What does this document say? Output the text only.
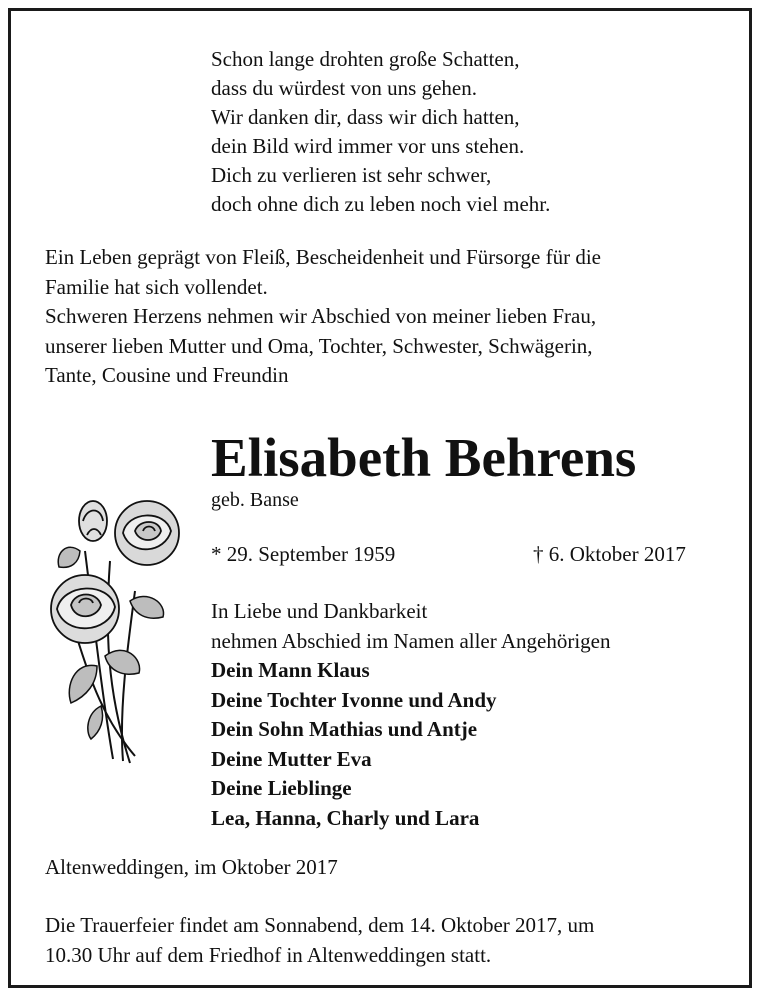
Schon lange drohten große Schatten,
dass du würdest von uns gehen.
Wir danken dir, dass wir dich hatten,
dein Bild wird immer vor uns stehen.
Dich zu verlieren ist sehr schwer,
doch ohne dich zu leben noch viel mehr.
Ein Leben geprägt von Fleiß, Bescheidenheit und Fürsorge für die
Familie hat sich vollendet.
Schweren Herzens nehmen wir Abschied von meiner lieben Frau,
unserer lieben Mutter und Oma, Tochter, Schwester, Schwägerin,
Tante, Cousine und Freundin
Elisabeth Behrens
geb. Banse
* 29. September 1959	† 6. Oktober 2017
In Liebe und Dankbarkeit
nehmen Abschied im Namen aller Angehörigen
Dein Mann Klaus
Deine Tochter Ivonne und Andy
Dein Sohn Mathias und Antje
Deine Mutter Eva
Deine Lieblinge
Lea, Hanna, Charly und Lara
Altenweddingen, im Oktober 2017
Die Trauerfeier findet am Sonnabend, dem 14. Oktober 2017, um
10.30 Uhr auf dem Friedhof in Altenweddingen statt.
